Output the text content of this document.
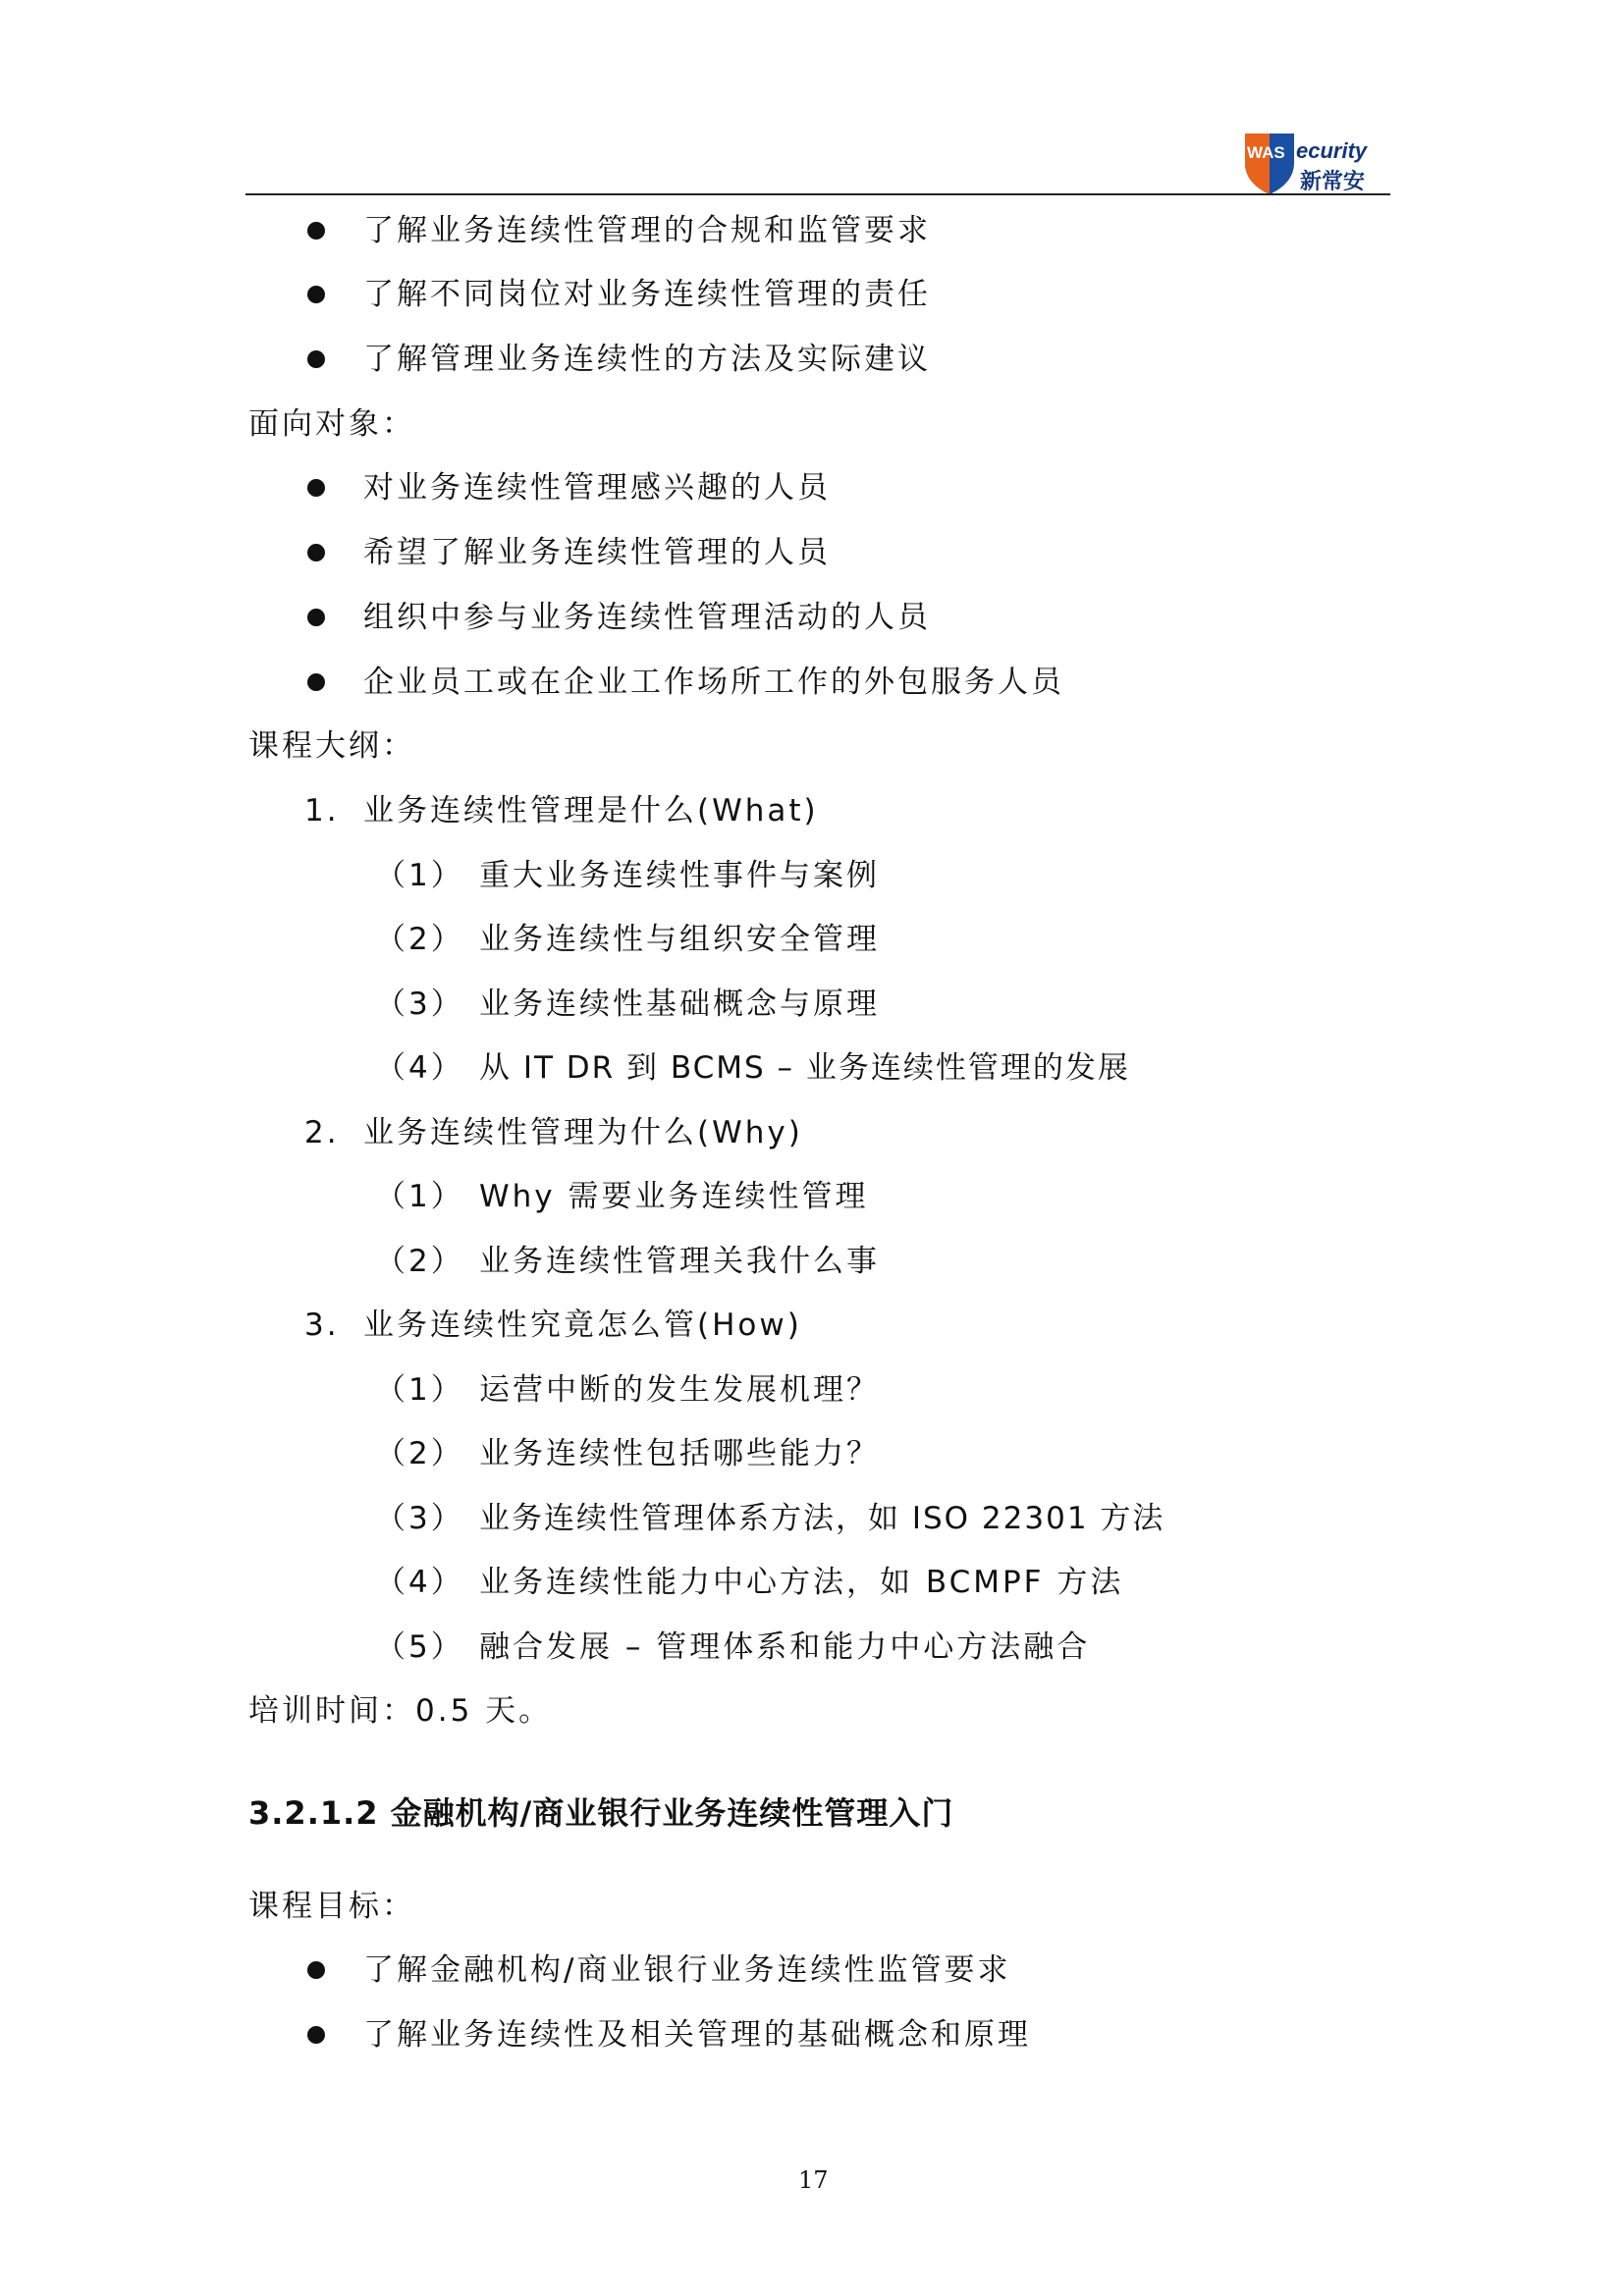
WAS ecurity
新常安
了解业务连续性管理的合规和监管要求
了解不同岗位对业务连续性管理的责任
了解管理业务连续性的方法及实际建议
面向对象：
对业务连续性管理感兴趣的人员
希望了解业务连续性管理的人员
组织中参与业务连续性管理活动的人员
企业员工或在企业工作场所工作的外包服务人员
课程大纲：
1. 业务连续性管理是什么(What)
（1） 重大业务连续性事件与案例
（2） 业务连续性与组织安全管理
（3） 业务连续性基础概念与原理
（4） 从 IT DR 到 BCMS – 业务连续性管理的发展
2. 业务连续性管理为什么(Why)
（1） Why 需要业务连续性管理
（2） 业务连续性管理关我什么事
3. 业务连续性究竟怎么管(How)
（1） 运营中断的发生发展机理？
（2） 业务连续性包括哪些能力？
（3） 业务连续性管理体系方法，如 ISO 22301 方法
（4） 业务连续性能力中心方法，如 BCMPF 方法
（5） 融合发展 – 管理体系和能力中心方法融合
培训时间：0.5 天。
3.2.1.2 金融机构/商业银行业务连续性管理入门
课程目标：
了解金融机构/商业银行业务连续性监管要求
了解业务连续性及相关管理的基础概念和原理
17
